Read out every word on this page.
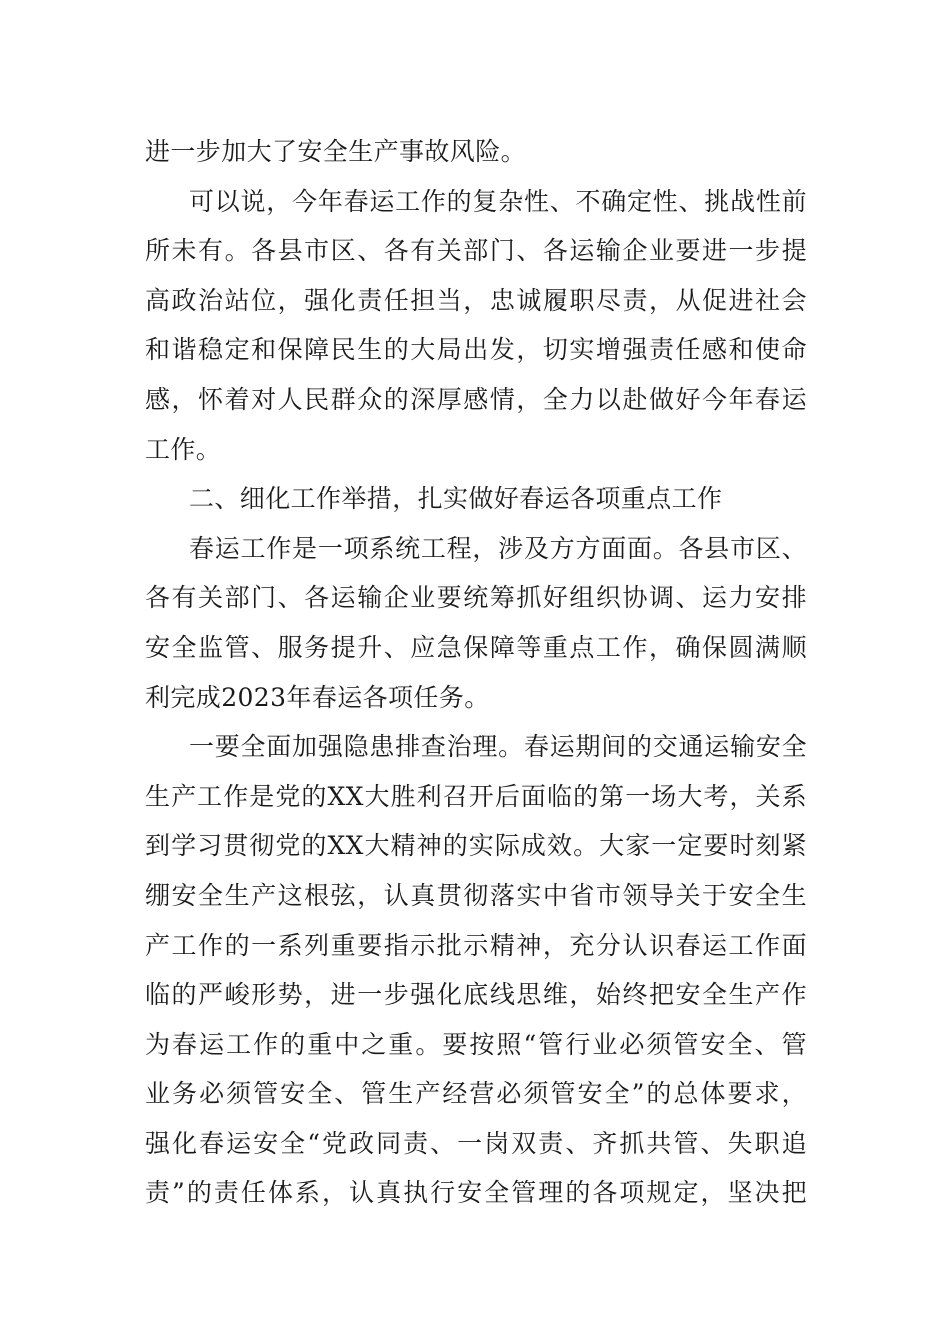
进一步加大了安全生产事故风险。
可以说，今年春运工作的复杂性、不确定性、挑战性前
所未有。各县市区、各有关部门、各运输企业要进一步提
高政治站位，强化责任担当，忠诚履职尽责，从促进社会
和谐稳定和保障民生的大局出发，切实增强责任感和使命
感，怀着对人民群众的深厚感情，全力以赴做好今年春运
工作。
二、细化工作举措，扎实做好春运各项重点工作
春运工作是一项系统工程，涉及方方面面。各县市区、
各有关部门、各运输企业要统筹抓好组织协调、运力安排
安全监管、服务提升、应急保障等重点工作，确保圆满顺
利完成2023年春运各项任务。
一要全面加强隐患排查治理。春运期间的交通运输安全
生产工作是党的XX大胜利召开后面临的第一场大考，关系
到学习贯彻党的XX大精神的实际成效。大家一定要时刻紧
绷安全生产这根弦，认真贯彻落实中省市领导关于安全生
产工作的一系列重要指示批示精神，充分认识春运工作面
临的严峻形势，进一步强化底线思维，始终把安全生产作
为春运工作的重中之重。要按照“管行业必须管安全、管
业务必须管安全、管生产经营必须管安全”的总体要求，
强化春运安全“党政同责、一岗双责、齐抓共管、失职追
责”的责任体系，认真执行安全管理的各项规定，坚决把
